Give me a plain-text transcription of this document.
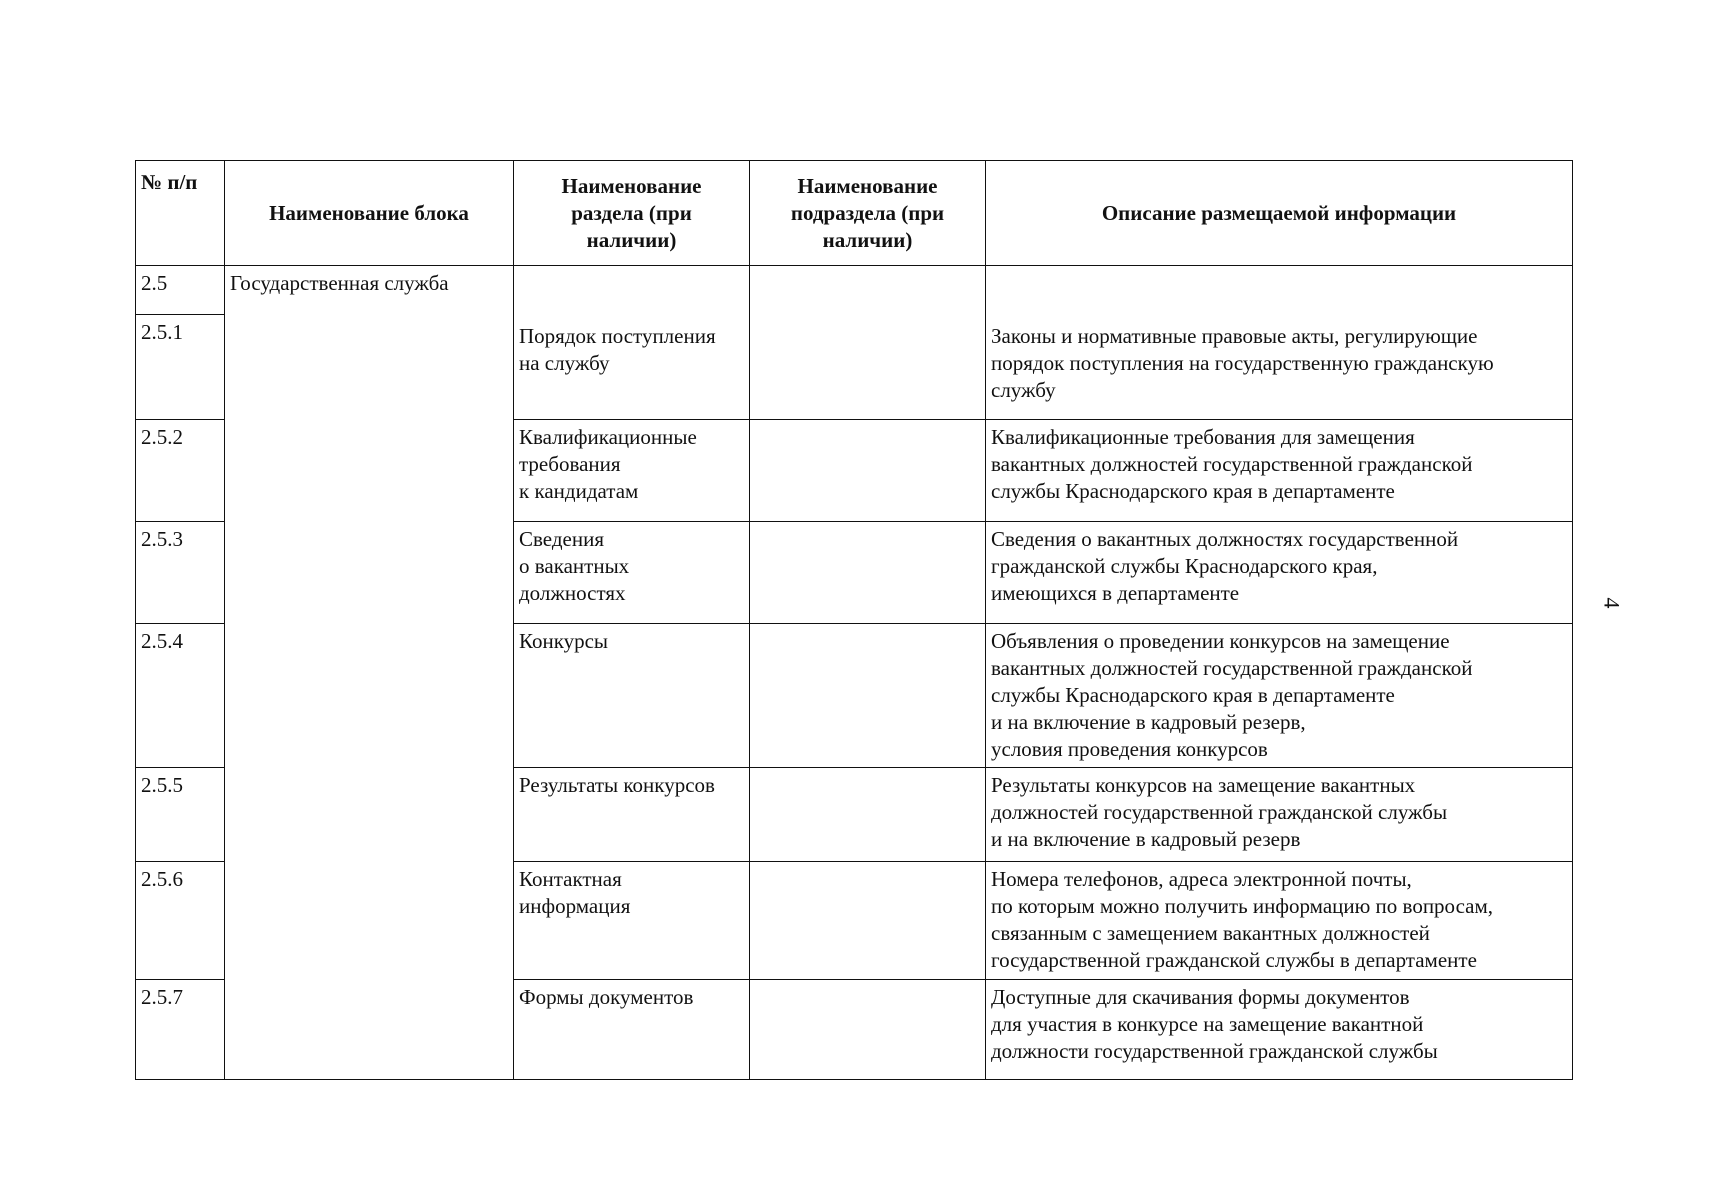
4
№ п/п	Наименование блока	Наименование
раздела (при
наличии)	Наименование
подраздела (при
наличии)	Описание размещаемой информации
2.5	Государственная служба			
2.5.1		Порядок поступления
на службу		Законы и нормативные правовые акты, регулирующие
порядок поступления на государственную гражданскую
службу
2.5.2		Квалификационные
требования
к кандидатам		Квалификационные требования для замещения
вакантных должностей государственной гражданской
службы Краснодарского края в департаменте
2.5.3		Сведения
о вакантных
должностях		Сведения о вакантных должностях государственной
гражданской службы Краснодарского края,
имеющихся в департаменте
2.5.4		Конкурсы		Объявления о проведении конкурсов на замещение
вакантных должностей государственной гражданской
службы Краснодарского края в департаменте
и на включение в кадровый резерв,
условия проведения конкурсов
2.5.5		Результаты конкурсов		Результаты конкурсов на замещение вакантных
должностей государственной гражданской службы
и на включение в кадровый резерв
2.5.6		Контактная
информация		Номера телефонов, адреса электронной почты,
по которым можно получить информацию по вопросам,
связанным с замещением вакантных должностей
государственной гражданской службы в департаменте
2.5.7		Формы документов		Доступные для скачивания формы документов
для участия в конкурсе на замещение вакантной
должности государственной гражданской службы
